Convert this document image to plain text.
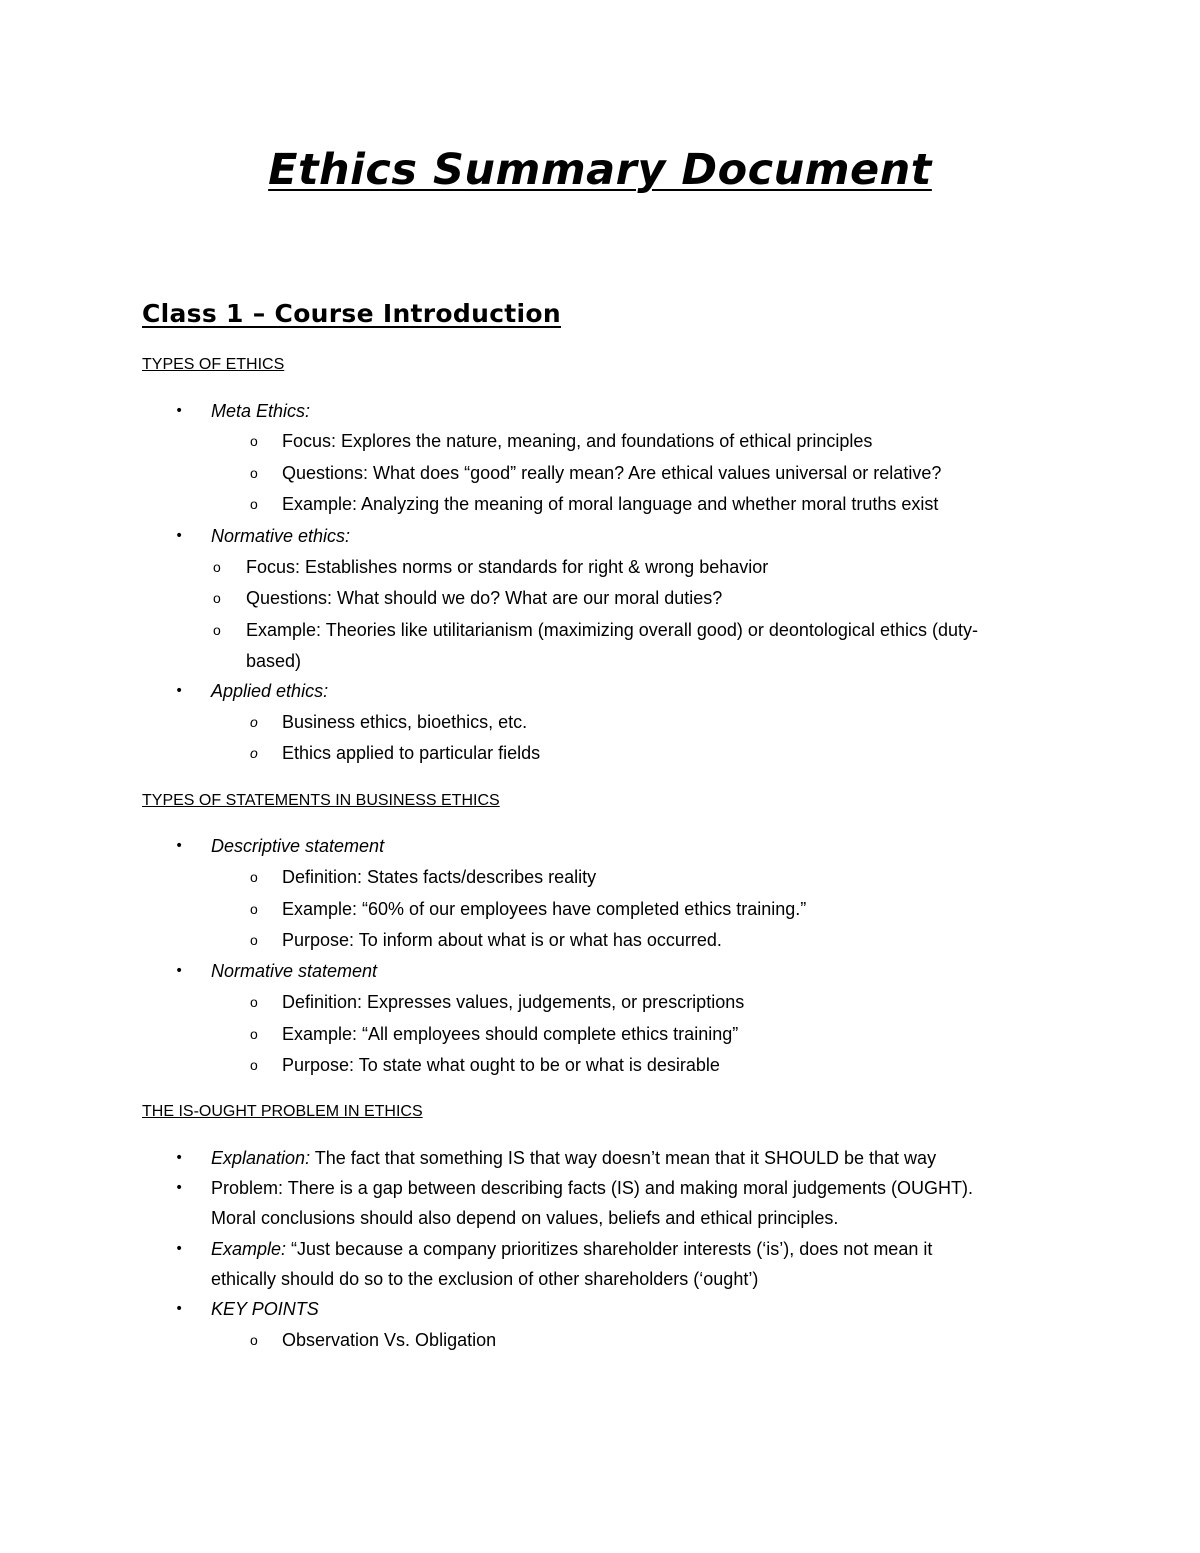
Ethics Summary Document
Class 1 – Course Introduction
TYPES OF ETHICS
• Meta Ethics:
o Focus: Explores the nature, meaning, and foundations of ethical principles
o Questions: What does “good” really mean? Are ethical values universal or relative?
o Example: Analyzing the meaning of moral language and whether moral truths exist
• Normative ethics:
o Focus: Establishes norms or standards for right & wrong behavior
o Questions: What should we do? What are our moral duties?
o Example: Theories like utilitarianism (maximizing overall good) or deontological ethics (duty-
based)
• Applied ethics:
o Business ethics, bioethics, etc.
o Ethics applied to particular fields
TYPES OF STATEMENTS IN BUSINESS ETHICS
• Descriptive statement
o Definition: States facts/describes reality
o Example: “60% of our employees have completed ethics training.”
o Purpose: To inform about what is or what has occurred.
• Normative statement
o Definition: Expresses values, judgements, or prescriptions
o Example: “All employees should complete ethics training”
o Purpose: To state what ought to be or what is desirable
THE IS-OUGHT PROBLEM IN ETHICS
• Explanation: The fact that something IS that way doesn’t mean that it SHOULD be that way
• Problem: There is a gap between describing facts (IS) and making moral judgements (OUGHT).
Moral conclusions should also depend on values, beliefs and ethical principles.
• Example: “Just because a company prioritizes shareholder interests (‘is’), does not mean it
ethically should do so to the exclusion of other shareholders (‘ought’)
• KEY POINTS
o Observation Vs. Obligation
